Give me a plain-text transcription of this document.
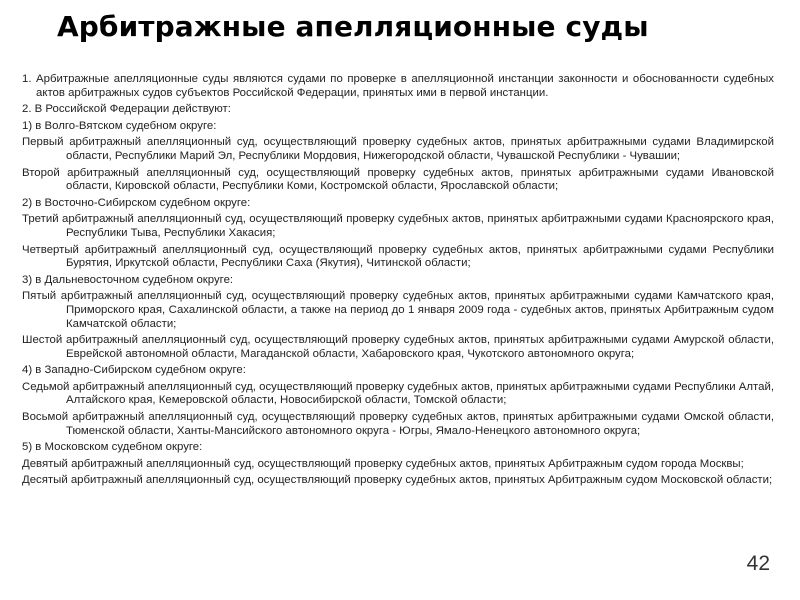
Арбитражные апелляционные суды

1. Арбитражные апелляционные суды являются судами по проверке в апелляционной инстанции законности и обоснованности судебных актов арбитражных судов субъектов Российской Федерации, принятых ими в первой инстанции.

2. В Российской Федерации действуют:

1) в Волго-Вятском судебном округе:

Первый арбитражный апелляционный суд, осуществляющий проверку судебных актов, принятых арбитражными судами Владимирской области, Республики Марий Эл, Республики Мордовия, Нижегородской области, Чувашской Республики - Чувашии;

Второй арбитражный апелляционный суд, осуществляющий проверку судебных актов, принятых арбитражными судами Ивановской области, Кировской области, Республики Коми, Костромской области, Ярославской области;

2) в Восточно-Сибирском судебном округе:

Третий арбитражный апелляционный суд, осуществляющий проверку судебных актов, принятых арбитражными судами Красноярского края, Республики Тыва, Республики Хакасия;

Четвертый арбитражный апелляционный суд, осуществляющий проверку судебных актов, принятых арбитражными судами Республики Бурятия, Иркутской области, Республики Саха (Якутия), Читинской области;

3) в Дальневосточном судебном округе:

Пятый арбитражный апелляционный суд, осуществляющий проверку судебных актов, принятых арбитражными судами Камчатского края, Приморского края, Сахалинской области, а также на период до 1 января 2009 года - судебных актов, принятых Арбитражным судом Камчатской области;

Шестой арбитражный апелляционный суд, осуществляющий проверку судебных актов, принятых арбитражными судами Амурской области, Еврейской автономной области, Магаданской области, Хабаровского края, Чукотского автономного округа;

4) в Западно-Сибирском судебном округе:

Седьмой арбитражный апелляционный суд, осуществляющий проверку судебных актов, принятых арбитражными судами Республики Алтай, Алтайского края, Кемеровской области, Новосибирской области, Томской области;

Восьмой арбитражный апелляционный суд, осуществляющий проверку судебных актов, принятых арбитражными судами Омской области, Тюменской области, Ханты-Мансийского автономного округа - Югры, Ямало-Ненецкого автономного округа;

5) в Московском судебном округе:

Девятый арбитражный апелляционный суд, осуществляющий проверку судебных актов, принятых Арбитражным судом города Москвы;

Десятый арбитражный апелляционный суд, осуществляющий проверку судебных актов, принятых Арбитражным судом Московской области;

42
